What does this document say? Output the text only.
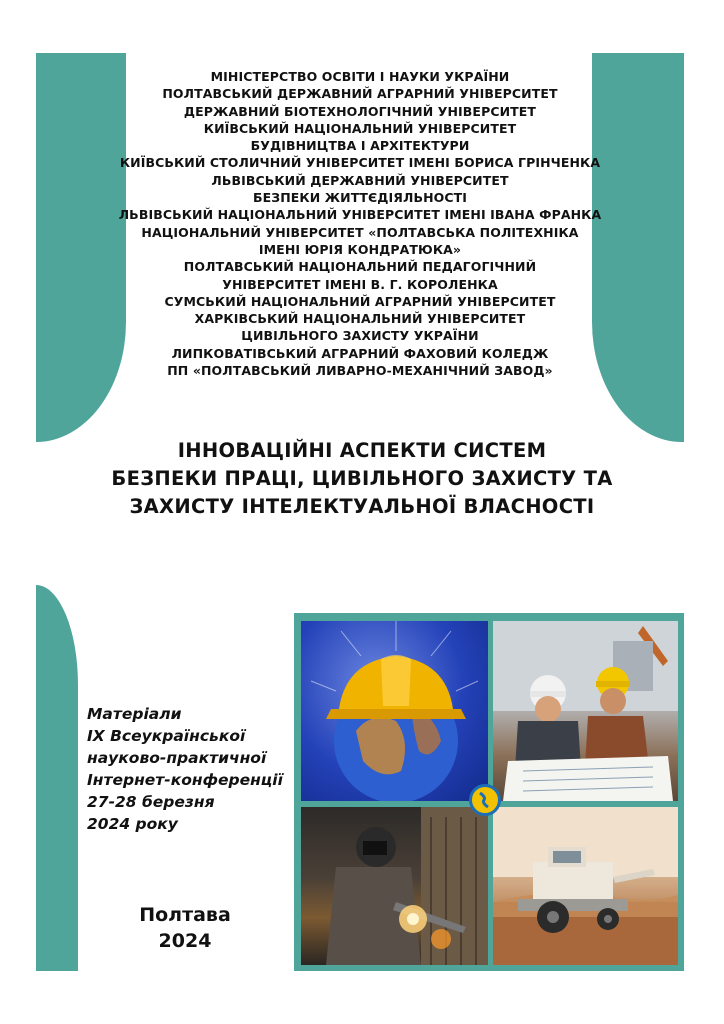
МІНІСТЕРСТВО ОСВІТИ І НАУКИ УКРАЇНИ
ПОЛТАВСЬКИЙ ДЕРЖАВНИЙ АГРАРНИЙ УНІВЕРСИТЕТ
ДЕРЖАВНИЙ БІОТЕХНОЛОГІЧНИЙ УНІВЕРСИТЕТ
КИЇВСЬКИЙ НАЦІОНАЛЬНИЙ УНІВЕРСИТЕТ
БУДІВНИЦТВА І АРХІТЕКТУРИ
КИЇВСЬКИЙ СТОЛИЧНИЙ УНІВЕРСИТЕТ ІМЕНІ БОРИСА ГРІНЧЕНКА
ЛЬВІВСЬКИЙ ДЕРЖАВНИЙ УНІВЕРСИТЕТ
БЕЗПЕКИ ЖИТТЄДІЯЛЬНОСТІ
ЛЬВІВСЬКИЙ НАЦІОНАЛЬНИЙ УНІВЕРСИТЕТ ІМЕНІ ІВАНА ФРАНКА
НАЦІОНАЛЬНИЙ УНІВЕРСИТЕТ «ПОЛТАВСЬКА ПОЛІТЕХНІКА
ІМЕНІ ЮРІЯ КОНДРАТЮКА»
ПОЛТАВСЬКИЙ НАЦІОНАЛЬНИЙ ПЕДАГОГІЧНИЙ
УНІВЕРСИТЕТ ІМЕНІ В. Г. КОРОЛЕНКА
СУМСЬКИЙ НАЦІОНАЛЬНИЙ АГРАРНИЙ УНІВЕРСИТЕТ
ХАРКІВСЬКИЙ НАЦІОНАЛЬНИЙ УНІВЕРСИТЕТ
ЦИВІЛЬНОГО ЗАХИСТУ УКРАЇНИ
ЛИПКОВАТІВСЬКИЙ АГРАРНИЙ ФАХОВИЙ КОЛЕДЖ
ПП «ПОЛТАВСЬКИЙ ЛИВАРНО-МЕХАНІЧНИЙ ЗАВОД»
ІННОВАЦІЙНІ АСПЕКТИ СИСТЕМ
БЕЗПЕКИ ПРАЦІ, ЦИВІЛЬНОГО ЗАХИСТУ ТА
ЗАХИСТУ ІНТЕЛЕКТУАЛЬНОЇ ВЛАСНОСТІ
Матеріали
IX Всеукраїнської
науково-практичної
Інтернет-конференції
27-28 березня
2024 року
Полтава
2024
